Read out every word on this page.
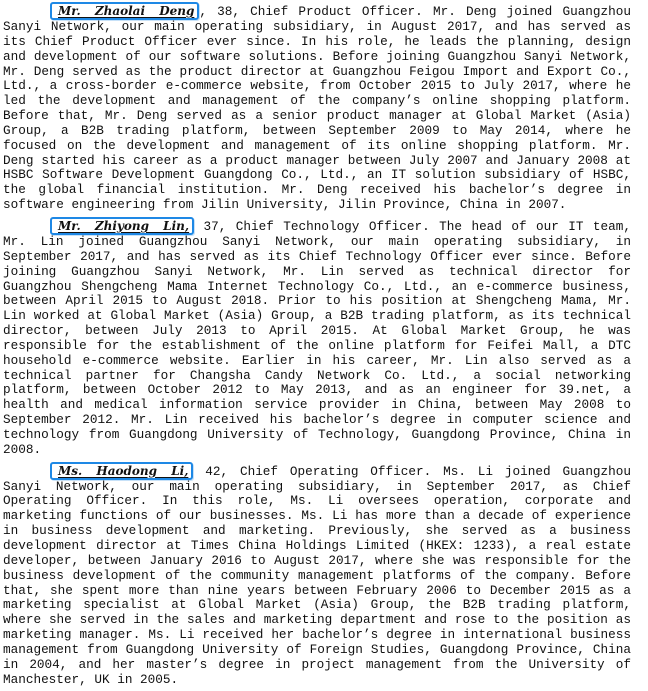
Mr. Zhaolai Deng , 38, Chief Product Officer. Mr. Deng joined Guangzhou Sanyi Network, our main operating subsidiary, in August 2017, and has served as its Chief Product Officer ever since. In his role, he leads the planning, design and development of our software solutions. Before joining Guangzhou Sanyi Network, Mr. Deng served as the product director at Guangzhou Feigou Import and Export Co., Ltd., a cross-border e-commerce website, from October 2015 to July 2017, where he led the development and management of the company’s online shopping platform. Before that, Mr. Deng served as a senior product manager at Global Market (Asia) Group, a B2B trading platform, between September 2009 to May 2014, where he focused on the development and management of its online shopping platform. Mr. Deng started his career as a product manager between July 2007 and January 2008 at HSBC Software Development Guangdong Co., Ltd., an IT solution subsidiary of HSBC, the global financial institution. Mr. Deng received his bachelor’s degree in software engineering from Jilin University, Jilin Province, China in 2007.

Mr. Zhiyong Lin, 37, Chief Technology Officer. The head of our IT team, Mr. Lin joined Guangzhou Sanyi Network, our main operating subsidiary, in September 2017, and has served as its Chief Technology Officer ever since. Before joining Guangzhou Sanyi Network, Mr. Lin served as technical director for Guangzhou Shengcheng Mama Internet Technology Co., Ltd., an e-commerce business, between April 2015 to August 2018. Prior to his position at Shengcheng Mama, Mr. Lin worked at Global Market (Asia) Group, a B2B trading platform, as its technical director, between July 2013 to April 2015. At Global Market Group, he was responsible for the establishment of the online platform for Feifei Mall, a DTC household e-commerce website. Earlier in his career, Mr. Lin also served as a technical partner for Changsha Candy Network Co. Ltd., a social networking platform, between October 2012 to May 2013, and as an engineer for 39.net, a health and medical information service provider in China, between May 2008 to September 2012. Mr. Lin received his bachelor’s degree in computer science and technology from Guangdong University of Technology, Guangdong Province, China in 2008.

Ms. Haodong Li, 42, Chief Operating Officer. Ms. Li joined Guangzhou Sanyi Network, our main operating subsidiary, in September 2017, as Chief Operating Officer. In this role, Ms. Li oversees operation, corporate and marketing functions of our businesses. Ms. Li has more than a decade of experience in business development and marketing. Previously, she served as a business development director at Times China Holdings Limited (HKEX: 1233), a real estate developer, between January 2016 to August 2017, where she was responsible for the business development of the community management platforms of the company. Before that, she spent more than nine years between February 2006 to December 2015 as a marketing specialist at Global Market (Asia) Group, the B2B trading platform, where she served in the sales and marketing department and rose to the position as marketing manager. Ms. Li received her bachelor’s degree in international business management from Guangdong University of Foreign Studies, Guangdong Province, China in 2004, and her master’s degree in project management from the University of Manchester, UK in 2005.
